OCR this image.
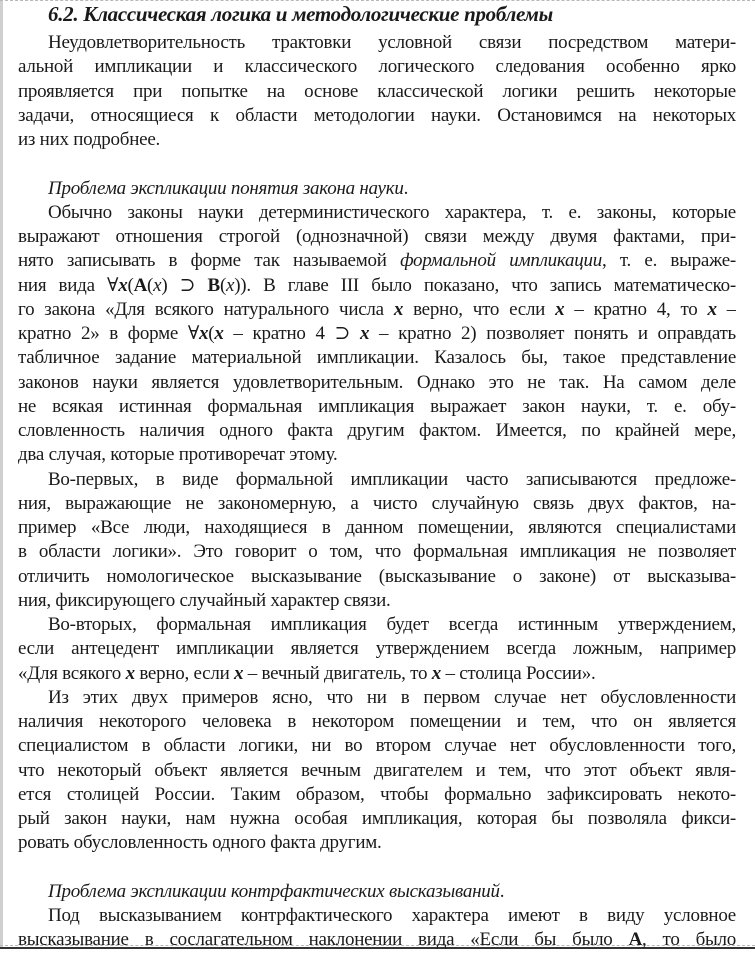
6.2. Классическая логика и методологические проблемы
Неудовлетворительность трактовки условной связи посредством матери-
альной импликации и классического логического следования особенно ярко
проявляется при попытке на основе классической логики решить некоторые
задачи, относящиеся к области методологии науки. Остановимся на некоторых
из них подробнее.
Проблема экспликации понятия закона науки.
Обычно законы науки детерминистического характера, т. е. законы, которые
выражают отношения строгой (однозначной) связи между двумя фактами, при-
нято записывать в форме так называемой формальной импликации, т. е. выраже-
ния вида ∀x(A(x) ⊃ B(x)). В главе III было показано, что запись математическо-
го закона «Для всякого натурального числа x верно, что если x – кратно 4, то x –
кратно 2» в форме ∀x(x – кратно 4 ⊃ x – кратно 2) позволяет понять и оправдать
табличное задание материальной импликации. Казалось бы, такое представление
законов науки является удовлетворительным. Однако это не так. На самом деле
не всякая истинная формальная импликация выражает закон науки, т. е. обу-
словленность наличия одного факта другим фактом. Имеется, по крайней мере,
два случая, которые противоречат этому.
Во-первых, в виде формальной импликации часто записываются предложе-
ния, выражающие не закономерную, а чисто случайную связь двух фактов, на-
пример «Все люди, находящиеся в данном помещении, являются специалистами
в области логики». Это говорит о том, что формальная импликация не позволяет
отличить номологическое высказывание (высказывание о законе) от высказыва-
ния, фиксирующего случайный характер связи.
Во-вторых, формальная импликация будет всегда истинным утверждением,
если антецедент импликации является утверждением всегда ложным, например
«Для всякого x верно, если x – вечный двигатель, то x – столица России».
Из этих двух примеров ясно, что ни в первом случае нет обусловленности
наличия некоторого человека в некотором помещении и тем, что он является
специалистом в области логики, ни во втором случае нет обусловленности того,
что некоторый объект является вечным двигателем и тем, что этот объект явля-
ется столицей России. Таким образом, чтобы формально зафиксировать некото-
рый закон науки, нам нужна особая импликация, которая бы позволяла фикси-
ровать обусловленность одного факта другим.
Проблема экспликации контрфактических высказываний.
Под высказыванием контрфактического характера имеют в виду условное
высказывание в сослагательном наклонении вида «Если бы было A, то было
